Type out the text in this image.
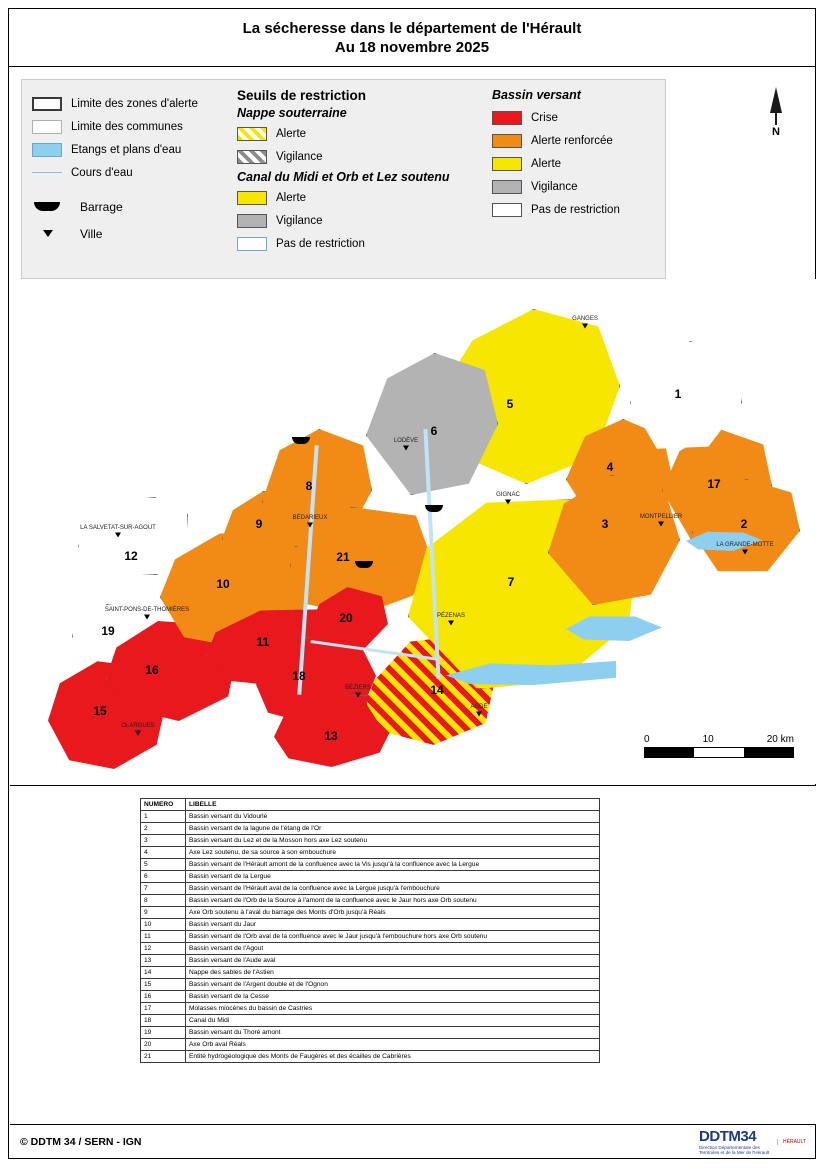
La sécheresse dans le département de l'Hérault
Au 18 novembre 2025
Limite des zones d'alerte
Limite des communes
Etangs et plans d'eau
Cours d'eau
Barrage
Ville
Seuils de restriction
Nappe souterraine
Alerte
Vigilance
Canal du Midi et Orb et Lez soutenu
Alerte
Vigilance
Pas de restriction
Bassin versant
Crise
Alerte renforcée
Alerte
Vigilance
Pas de restriction
N
1
2
3
4
5
6
7
8
9
10
11
12
13
14
15
16
17
18
19
20
21
GANGES
LODÈVE
BÉDARIEUX
LA SALVETAT-SUR-AGOUT
SAINT-PONS-DE-THOMIÈRES
GIGNAC
MONTPELLIER
LA GRANDE-MOTTE
PÉZENAS
BÉZIERS
AGDE
OLARGUES
0	10	20 km
NUMERO	LIBELLE
1	Bassin versant du Vidourle
2	Bassin versant de la lagune de l'étang de l'Or
3	Bassin versant du Lez et de la Mosson hors axe Lez soutenu
4	Axe Lez soutenu, de sa source à son embouchure
5	Bassin versant de l'Hérault amont de la confluence avec la Vis jusqu'à la confluence avec la Lergue
6	Bassin versant de la Lergue
7	Bassin versant de l'Hérault aval de la confluence avec la Lergue jusqu'à l'embouchure
8	Bassin versant de l'Orb de la Source à l'amont de la confluence avec le Jaur hors axe Orb soutenu
9	Axe Orb soutenu à l'aval du barrage des Monts d'Orb jusqu'à Réals
10	Bassin versant du Jaur
11	Bassin versant de l'Orb aval de la confluence avec le Jaur jusqu'à l'embouchure hors axe Orb soutenu
12	Bassin versant de l'Agout
13	Bassin versant de l'Aude aval
14	Nappe des sables de l'Astien
15	Bassin versant de l'Argent double et de l'Ognon
16	Bassin versant de la Cesse
17	Molasses miocènes du bassin de Castries
18	Canal du Midi
19	Bassin versant du Thoré amont
20	Axe Orb aval Réals
21	Entité hydrogéologique des Monts de Faugères et des écailles de Cabrières
© DDTM 34 / SERN - IGN	DDTM34
Direction Départementale des Territoires et de la Mer de l'Hérault
HÉRAULT
